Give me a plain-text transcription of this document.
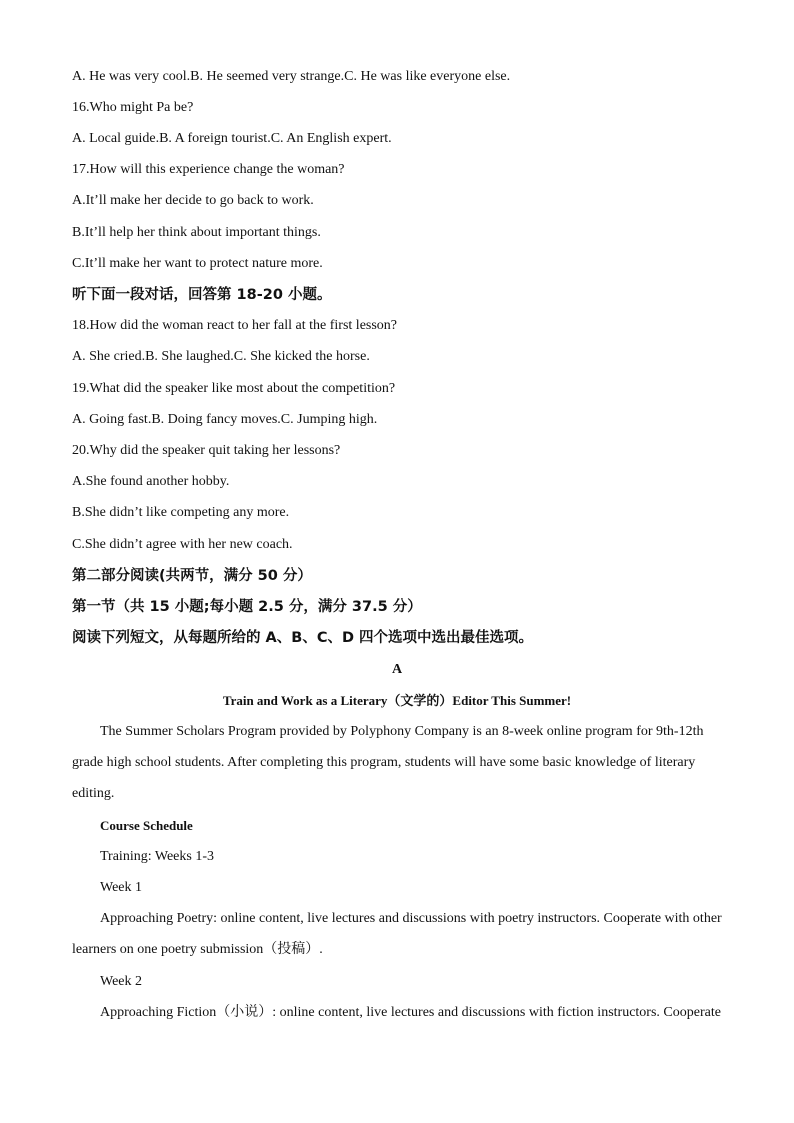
A. He was very cool.B. He seemed very strange.C. He was like everyone else.
16.Who might Pa be?
A. Local guide.B. A foreign tourist.C. An English expert.
17.How will this experience change the woman?
A.It’ll make her decide to go back to work.
B.It’ll help her think about important things.
C.It’ll make her want to protect nature more.
听下面一段对话，回答第 18-20 小题。
18.How did the woman react to her fall at the first lesson?
A. She cried.B. She laughed.C. She kicked the horse.
19.What did the speaker like most about the competition?
A. Going fast.B. Doing fancy moves.C. Jumping high.
20.Why did the speaker quit taking her lessons?
A.She found another hobby.
B.She didn’t like competing any more.
C.She didn’t agree with her new coach.
第二部分阅读(共两节，满分 50 分）
第一节（共 15 小题;每小题 2.5 分，满分 37.5 分）
阅读下列短文，从每题所给的 A、B、C、D 四个选项中选出最佳选项。
A
Train and Work as a Literary（文学的）Editor This Summer!
The Summer Scholars Program provided by Polyphony Company is an 8-week online program for 9th-12th
grade high school students. After completing this program, students will have some basic knowledge of literary
editing.
Course Schedule
Training: Weeks 1-3
Week 1
Approaching Poetry: online content, live lectures and discussions with poetry instructors. Cooperate with other
learners on one poetry submission（投稿）.
Week 2
Approaching Fiction（小说）: online content, live lectures and discussions with fiction instructors. Cooperate
